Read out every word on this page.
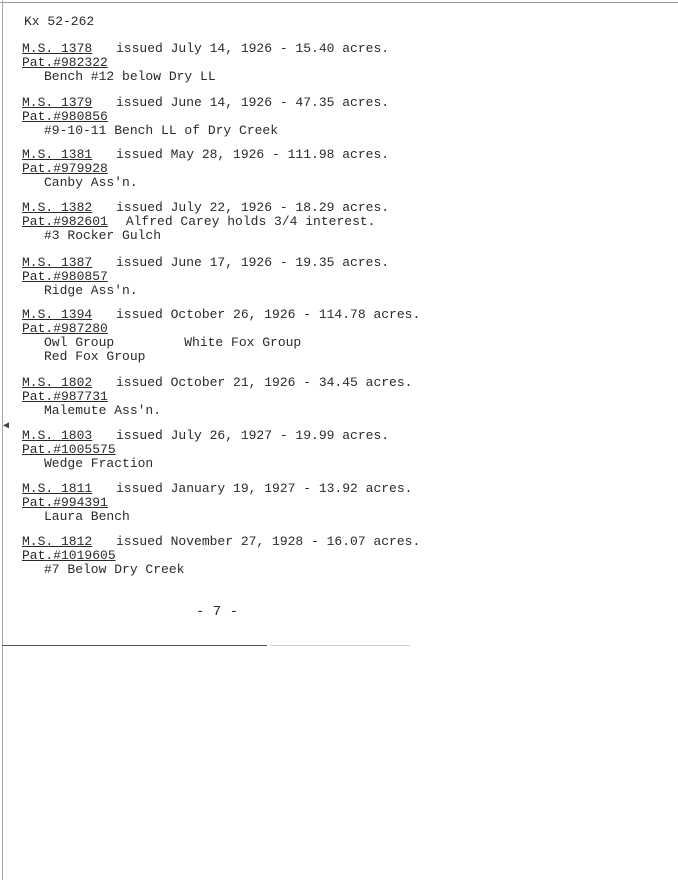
Kx 52-262
M.S. 1378 issued July 14, 1926 - 15.40 acres.
Pat.#982322
Bench #12 below Dry LL
M.S. 1379 issued June 14, 1926 - 47.35 acres.
Pat.#980856
#9-10-11 Bench LL of Dry Creek
M.S. 1381 issued May 28, 1926 - 111.98 acres.
Pat.#979928
Canby Ass'n.
M.S. 1382 issued July 22, 1926 - 18.29 acres.
Pat.#982601 Alfred Carey holds 3/4 interest.
#3 Rocker Gulch
M.S. 1387 issued June 17, 1926 - 19.35 acres.
Pat.#980857
Ridge Ass'n.
M.S. 1394 issued October 26, 1926 - 114.78 acres.
Pat.#987280
Owl Group	White Fox Group
Red Fox Group
M.S. 1802 issued October 21, 1926 - 34.45 acres.
Pat.#987731
Malemute Ass'n.
M.S. 1803 issued July 26, 1927 - 19.99 acres.
Pat.#1005575
Wedge Fraction
M.S. 1811 issued January 19, 1927 - 13.92 acres.
Pat.#994391
Laura Bench
M.S. 1812 issued November 27, 1928 - 16.07 acres.
Pat.#1019605
#7 Below Dry Creek
◀
- 7 -
